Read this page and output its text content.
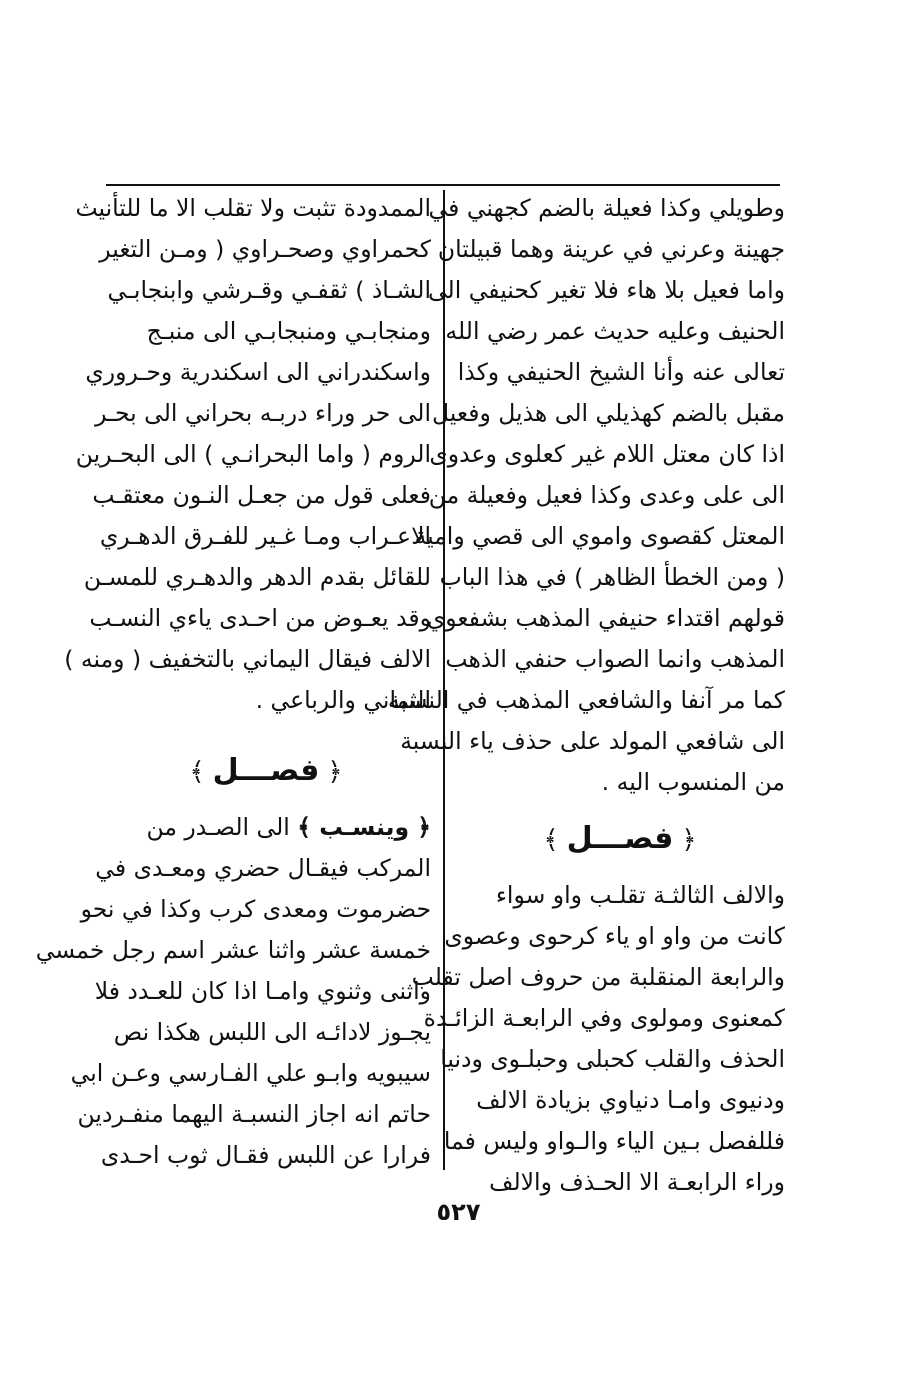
وطويلي وكذا فعيلة بالضم كجهني في
جهينة وعرني في عرينة وهما قبيلتان
واما فعيل بلا هاء فلا تغير كحنيفي الى
الحنيف وعليه حديث عمر رضي الله
تعالى عنه وأنا الشيخ الحنيفي وكذا
مقبل بالضم كهذيلي الى هذيل وفعيل
اذا كان معتل اللام غير كعلوى وعدوى
الى على وعدى وكذا فعيل وفعيلة من
المعتل كقصوى واموي الى قصي وامية
( ومن الخطأ الظاهر ) في هذا الباب
قولهم اقتداء حنيفي المذهب بشفعوي
المذهب وانما الصواب حنفي الذهب
كما مر آنفا والشافعي المذهب في النسبة
الى شافعي المولد على حذف ياء النسبة
من المنسوب اليه .
﴿فصـــل﴾
والالف الثالثـة تقلـب واو سواء
كانت من واو او ياء كرحوى وعصوى
والرابعة المنقلبة من حروف اصل تقلب
كمعنوى ومولوى وفي الرابعـة الزائـدة
الحذف والقلب كحبلى وحبلـوى ودنيا
ودنيوى وامـا دنياوي بزيادة الالف
فللفصل بـين الياء والـواو وليس فما
وراء الرابعـة الا الحـذف والالف
الممدودة تثبت ولا تقلب الا ما للتأنيث
كحمراوي وصحـراوي ( ومـن التغير
الشـاذ ) ثقفـي وقـرشي وابنجابـي
ومنجابـي ومنبجابـي الى منبـج
واسكندراني الى اسكندرية وحـروري
الى حر وراء دربـه بحراني الى بحـر
الروم ( واما البحرانـي ) الى البحـرين
فعلى قول من جعـل النـون معتقـب
الاعـراب ومـا غـير للفـرق الدهـري
للقائل بقدم الدهر والدهـري للمسـن
وقد يعـوض من احـدى ياءي النسـب
الالف فيقال اليماني بالتخفيف ( ومنه )
الثماني والرباعي .
﴿فصـــل﴾
﴿ وينسـب ﴾ الى الصـدر من
المركب فيقـال حضري ومعـدى في
حضرموت ومعدى كرب وكذا في نحو
خمسة عشر واثنا عشر اسم رجل خمسي
واثنى وثنوي وامـا اذا كان للعـدد فلا
يجـوز لادائـه الى اللبس هكذا نص
سيبويه وابـو علي الفـارسي وعـن ابي
حاتم انه اجاز النسبـة اليهما منفـردين
فرارا عن اللبس فقـال ثوب احـدى
٥٢٧
